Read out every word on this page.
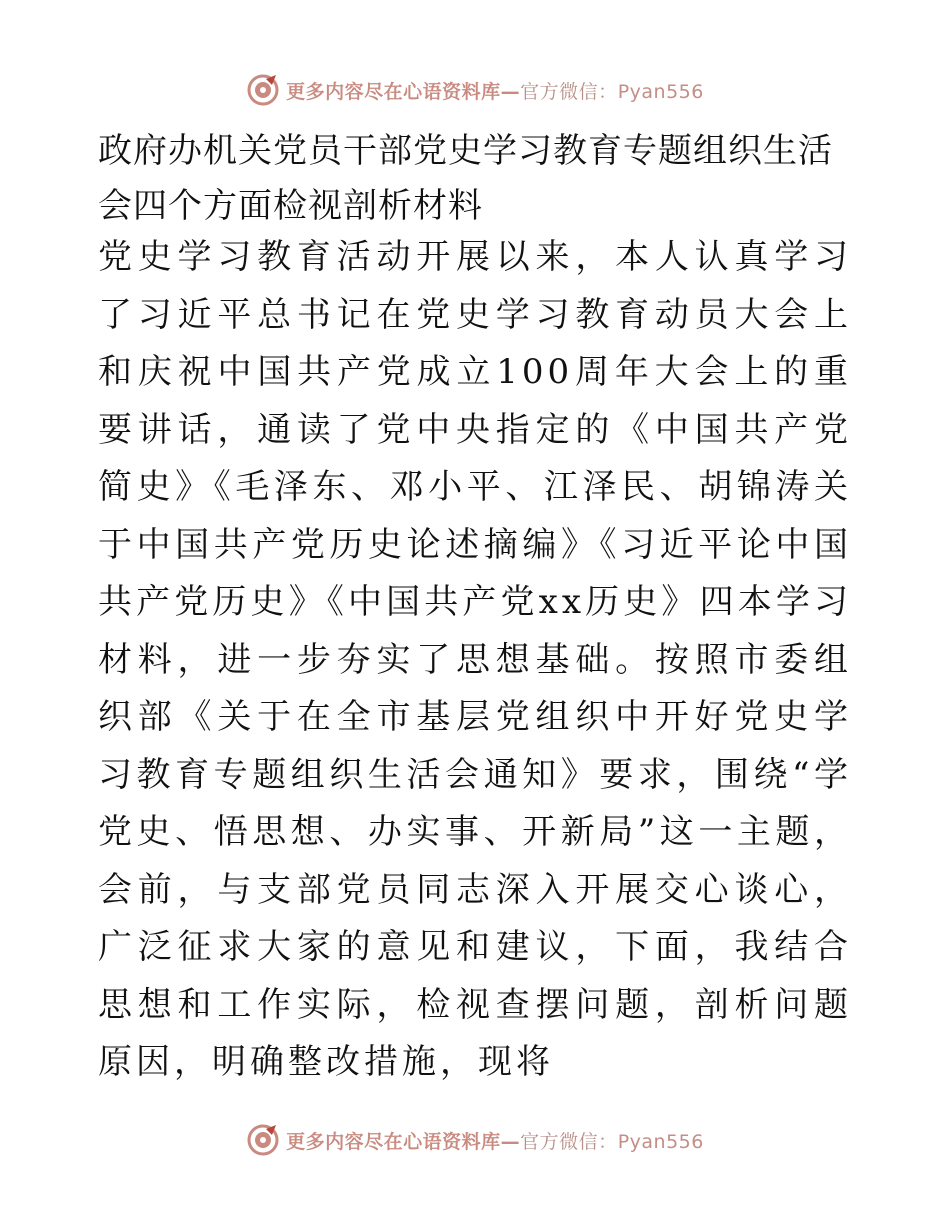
更多内容尽在心语资料库—官方微信：Pyan556
政府办机关党员干部党史学习教育专题组织生活会四个方面检视剖析材料

党史学习教育活动开展以来，本人认真学习了习近平总书记在党史学习教育动员大会上和庆祝中国共产党成立100周年大会上的重要讲话，通读了党中央指定的《中国共产党简史》《毛泽东、邓小平、江泽民、胡锦涛关于中国共产党历史论述摘编》《习近平论中国共产党历史》《中国共产党xx历史》四本学习材料，进一步夯实了思想基础。按照市委组织部《关于在全市基层党组织中开好党史学习教育专题组织生活会通知》要求，围绕“学党史、悟思想、办实事、开新局”这一主题，会前，与支部党员同志深入开展交心谈心，广泛征求大家的意见和建议，下面，我结合思想和工作实际，检视查摆问题，剖析问题原因，明确整改措施，现将

更多内容尽在心语资料库—官方微信：Pyan556
